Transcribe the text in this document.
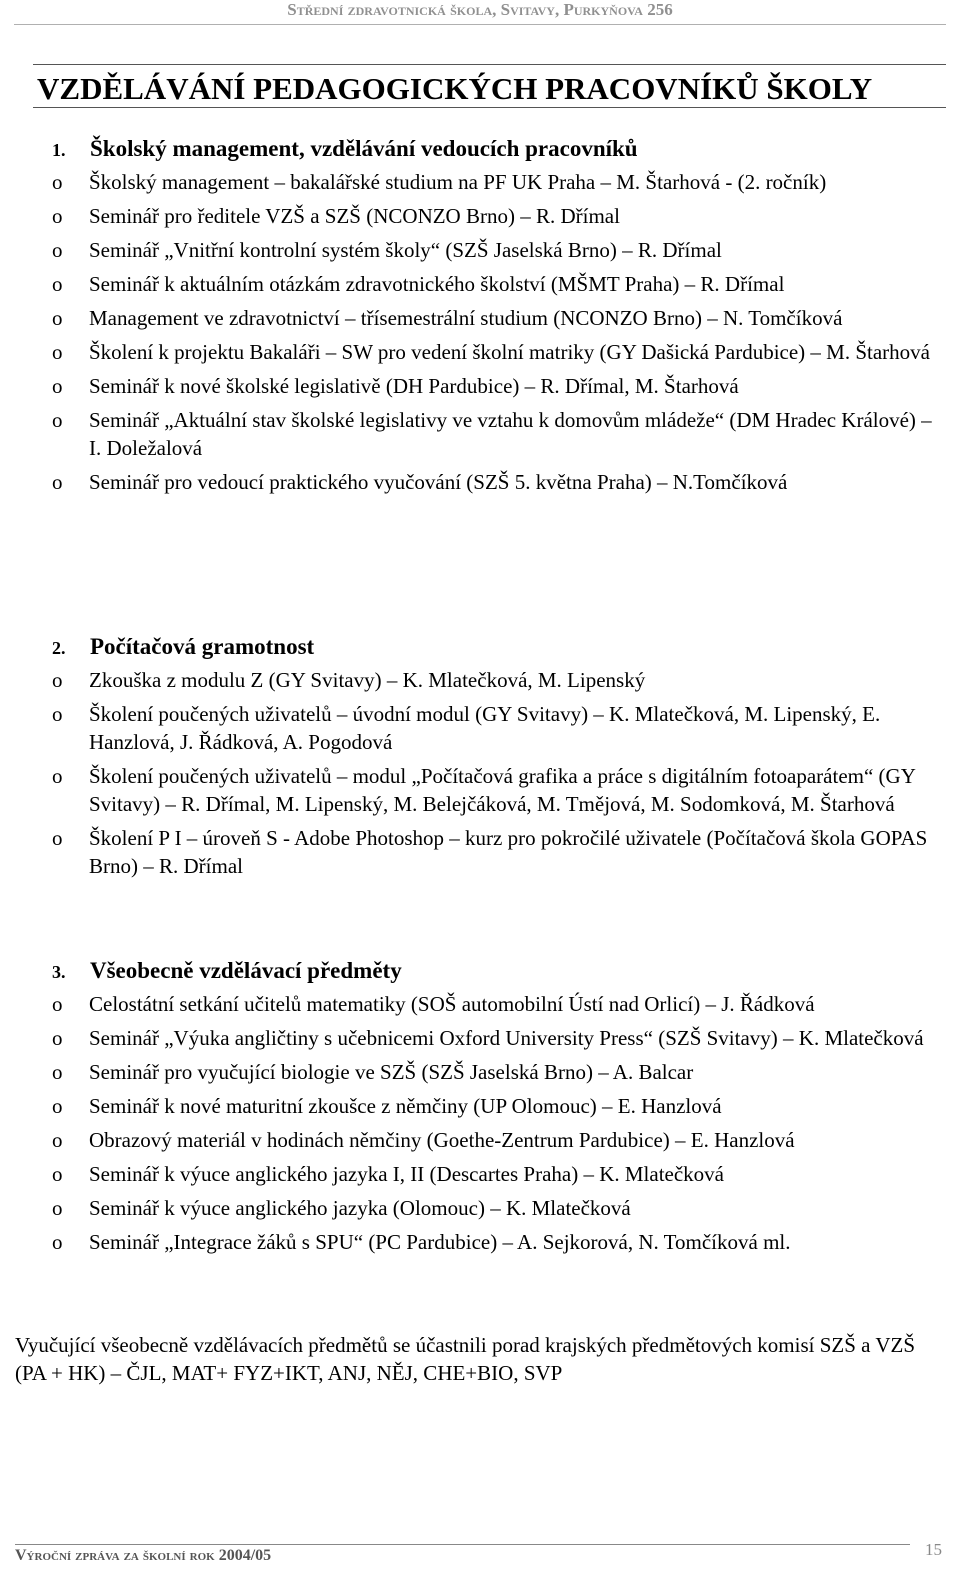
Střední zdravotnická škola, Svitavy, Purkyňova 256
VZDĚLÁVÁNÍ PEDAGOGICKÝCH PRACOVNÍKŮ ŠKOLY
1. Školský management, vzdělávání vedoucích pracovníků
o Školský management – bakalářské studium na PF UK Praha – M. Štarhová - (2. ročník)
o Seminář pro ředitele VZŠ a SZŠ (NCONZO Brno) – R. Dřímal
o Seminář „Vnitřní kontrolní systém školy“ (SZŠ Jaselská Brno) – R. Dřímal
o Seminář k aktuálním otázkám zdravotnického školství (MŠMT Praha) – R. Dřímal
o Management ve zdravotnictví – třísemestrální studium (NCONZO Brno) – N. Tomčíková
o Školení k projektu Bakaláři – SW pro vedení školní matriky (GY Dašická Pardubice) – M. Štarhová
o Seminář k nové školské legislativě (DH Pardubice) – R. Dřímal, M. Štarhová
o Seminář „Aktuální stav školské legislativy ve vztahu k domovům mládeže“ (DM Hradec Králové) – I. Doležalová
o Seminář pro vedoucí praktického vyučování (SZŠ 5. května Praha) – N.Tomčíková
2. Počítačová gramotnost
o Zkouška z modulu Z (GY Svitavy) – K. Mlatečková, M. Lipenský
o Školení poučených uživatelů – úvodní modul (GY Svitavy) – K. Mlatečková, M. Lipenský, E. Hanzlová, J. Řádková, A. Pogodová
o Školení poučených uživatelů – modul „Počítačová grafika a práce s digitálním fotoaparátem“ (GY Svitavy) – R. Dřímal, M. Lipenský, M. Belejčáková, M. Tmějová, M. Sodomková, M. Štarhová
o Školení P I – úroveň S - Adobe Photoshop – kurz pro pokročilé uživatele (Počítačová škola GOPAS Brno) – R. Dřímal
3. Všeobecně vzdělávací předměty
o Celostátní setkání učitelů matematiky (SOŠ automobilní Ústí nad Orlicí) – J. Řádková
o Seminář „Výuka angličtiny s učebnicemi Oxford University Press“ (SZŠ Svitavy) – K. Mlatečková
o Seminář pro vyučující biologie ve SZŠ (SZŠ Jaselská Brno) – A. Balcar
o Seminář k nové maturitní zkoušce z němčiny (UP Olomouc) – E. Hanzlová
o Obrazový materiál v hodinách němčiny (Goethe-Zentrum Pardubice) – E. Hanzlová
o Seminář k výuce anglického jazyka I, II (Descartes Praha) – K. Mlatečková
o Seminář k výuce anglického jazyka (Olomouc) – K. Mlatečková
o Seminář „Integrace žáků s SPU“ (PC Pardubice) – A. Sejkorová, N. Tomčíková ml.
Vyučující všeobecně vzdělávacích předmětů se účastnili porad krajských předmětových komisí SZŠ a VZŠ (PA + HK) – ČJL, MAT+ FYZ+IKT, ANJ, NĚJ, CHE+BIO, SVP
Výroční zpráva za školní rok 2004/05	15
